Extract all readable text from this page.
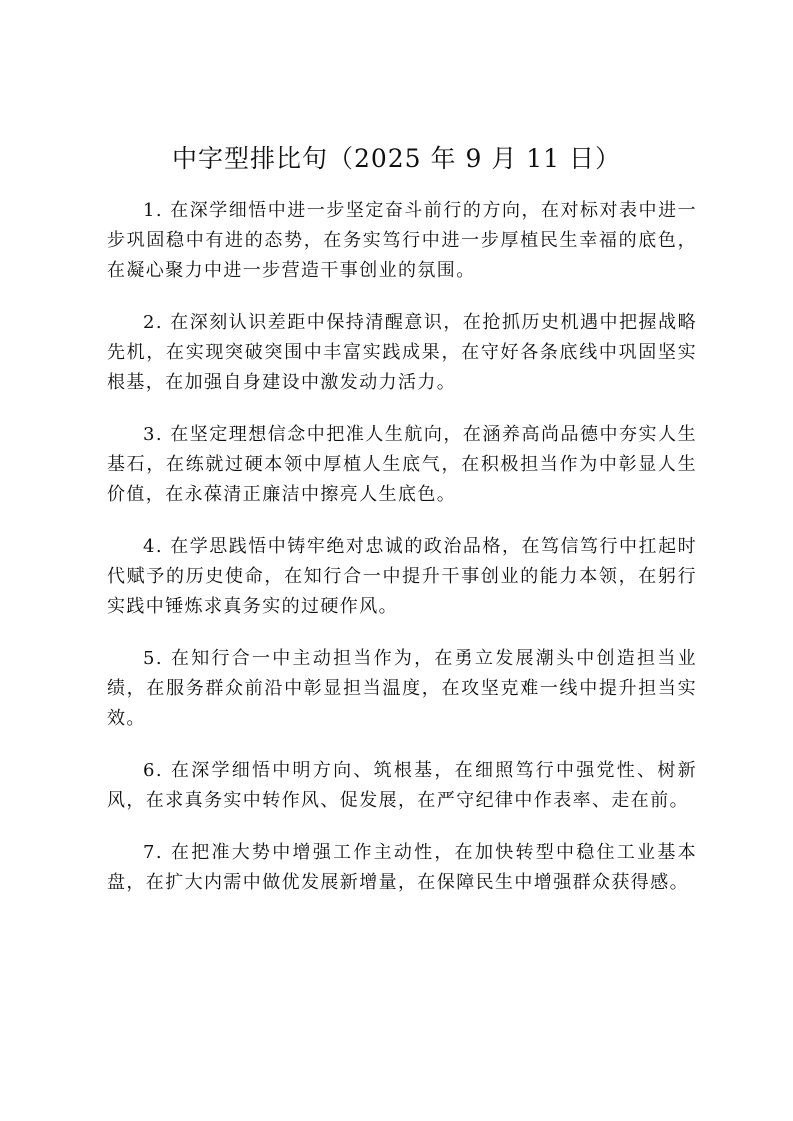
中字型排比句（2025 年 9 月 11 日）

1. 在深学细悟中进一步坚定奋斗前行的方向，在对标对表中进一步巩固稳中有进的态势，在务实笃行中进一步厚植民生幸福的底色，在凝心聚力中进一步营造干事创业的氛围。

2. 在深刻认识差距中保持清醒意识，在抢抓历史机遇中把握战略先机，在实现突破突围中丰富实践成果，在守好各条底线中巩固坚实根基，在加强自身建设中激发动力活力。

3. 在坚定理想信念中把准人生航向，在涵养高尚品德中夯实人生基石，在练就过硬本领中厚植人生底气，在积极担当作为中彰显人生价值，在永葆清正廉洁中擦亮人生底色。

4. 在学思践悟中铸牢绝对忠诚的政治品格，在笃信笃行中扛起时代赋予的历史使命，在知行合一中提升干事创业的能力本领，在躬行实践中锤炼求真务实的过硬作风。

5. 在知行合一中主动担当作为，在勇立发展潮头中创造担当业绩，在服务群众前沿中彰显担当温度，在攻坚克难一线中提升担当实效。

6. 在深学细悟中明方向、筑根基，在细照笃行中强党性、树新风，在求真务实中转作风、促发展，在严守纪律中作表率、走在前。

7. 在把准大势中增强工作主动性，在加快转型中稳住工业基本盘，在扩大内需中做优发展新增量，在保障民生中增强群众获得感。
